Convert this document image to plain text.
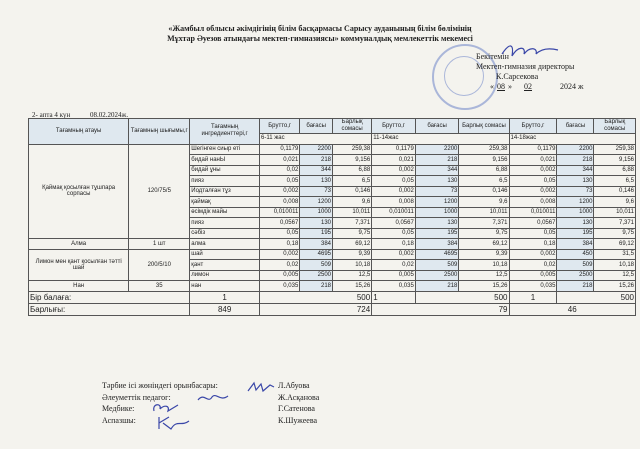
«Жамбыл облысы әкімдігінің білім басқармасы Сарысу ауданының білім бөлімінің
Мұхтар Әуезов атындағы мектеп-гимназиясы» коммуналдық мемлекеттік мекемесі
Бекітемін
Мектеп-гимназия директоры
К.Сарсекова
« 08 » 02	2024 ж
2- апта 4 күн	08.02.2024ж.
Тағамның атауы	Тағамның шығымы,г	Тағамның ингредиенттері,г	Брутто,г	бағасы	Барлық сомасы	Брутто,г	бағасы	Барлық сомасы	Брутто,г	бағасы	Барлық сомасы
			6-11 жас			11-14жас			14-18жас		
Қаймақ қосылған тұшпара сорпасы	120/75/5	Шегінген сиыр еті	0,1179	2200	259,38	0,1179	2200	259,38	0,1179	2200	259,38
		бидай нанЫ	0,021	218	9,156	0,021	218	9,156	0,021	218	9,156
		бидай ұны	0,02	344	6,88	0,002	344	6,88	0,002	344	6,88
		пияз	0,05	130	6,5	0,05	130	6,5	0,05	130	6,5
		Иодталған тұз	0,002	73	0,146	0,002	73	0,146	0,002	73	0,146
		қаймақ	0,008	1200	9,6	0,008	1200	9,6	0,008	1200	9,6
		өсімдік майы	0,010011	1000	10,011	0,010011	1000	10,011	0,010011	1000	10,011
		пияз	0,0567	130	7,371	0,0567	130	7,371	0,0567	130	7,371
		сәбіз	0,05	195	9,75	0,05	195	9,75	0,05	195	9,75
Алма	1 шт	алма	0,18	384	69,12	0,18	384	69,12	0,18	384	69,12
Лимон мен қант қосылған тәтті шай	200/5/10	шай	0,002	4695	9,39	0,002	4695	9,39	0,002	450	31,5
		қант	0,02	509	10,18	0,02	509	10,18	0,02	509	10,18
		лимон	0,005	2500	12,5	0,005	2500	12,5	0,005	2500	12,5
Нан	35	нан	0,035	218	15,26	0,035	218	15,26	0,035	218	15,26
Бір балаға:		1	500			1	500		1	500	
Барлығы:		849	724			79			46		
Тәрбие ісі жөніндегі орынбасары:	Л.Абуова
Әлеуметтік педагог:	Ж.Асқанова
Медбике:	Г.Сатенова
Аспазшы:	К.Шужеева
